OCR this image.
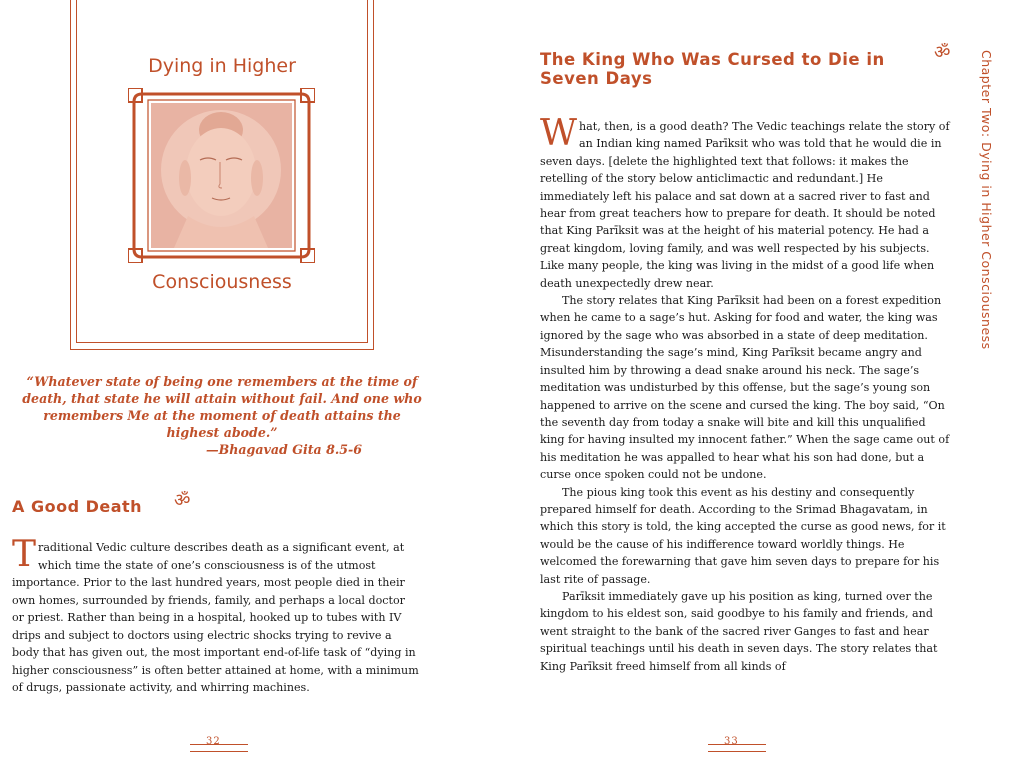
Dying in Higher
Consciousness
“Whatever state of being one remembers at the time of death, that state he will attain without fail. And one who remembers Me at the moment of death attains the highest abode.”
—Bhagavad Gita 8.5-6
A Good Death ॐ

Traditional Vedic culture describes death as a significant event, at which time the state of one’s consciousness is of the utmost importance. Prior to the last hundred years, most people died in their own homes, surrounded by friends, family, and perhaps a local doctor or priest. Rather than being in a hospital, hooked up to tubes with IV drips and subject to doctors using electric shocks trying to revive a body that has given out, the most important end-of-life task of “dying in higher consciousness” is often better attained at home, with a minimum of drugs, passionate activity, and whirring machines.

32
The King Who Was Cursed to Die in Seven Days
ॐ

What, then, is a good death? The Vedic teachings relate the story of an Indian king named Parīksit who was told that he would die in seven days. [delete the highlighted text that follows: it makes the retelling of the story below anticlimactic and redundant.] He immediately left his palace and sat down at a sacred river to fast and hear from great teachers how to prepare for death. It should be noted that King Parīksit was at the height of his material potency. He had a great kingdom, loving family, and was well respected by his subjects. Like many people, the king was living in the midst of a good life when death unexpectedly drew near.

The story relates that King Parīksit had been on a forest expedition when he came to a sage’s hut. Asking for food and water, the king was ignored by the sage who was absorbed in a state of deep meditation. Misunderstanding the sage’s mind, King Parīksit became angry and insulted him by throwing a dead snake around his neck. The sage’s meditation was undisturbed by this offense, but the sage’s young son happened to arrive on the scene and cursed the king. The boy said, “On the seventh day from today a snake will bite and kill this unqualified king for having insulted my innocent father.” When the sage came out of his meditation he was appalled to hear what his son had done, but a curse once spoken could not be undone.

The pious king took this event as his destiny and consequently prepared himself for death. According to the Srimad Bhagavatam, in which this story is told, the king accepted the curse as good news, for it would be the cause of his indifference toward worldly things. He welcomed the forewarning that gave him seven days to prepare for his last rite of passage.

Parīksit immediately gave up his position as king, turned over the kingdom to his eldest son, said goodbye to his family and friends, and went straight to the bank of the sacred river Ganges to fast and hear spiritual teachings until his death in seven days. The story relates that King Parīksit freed himself from all kinds of

Chapter Two: Dying in Higher Consciousness
33
